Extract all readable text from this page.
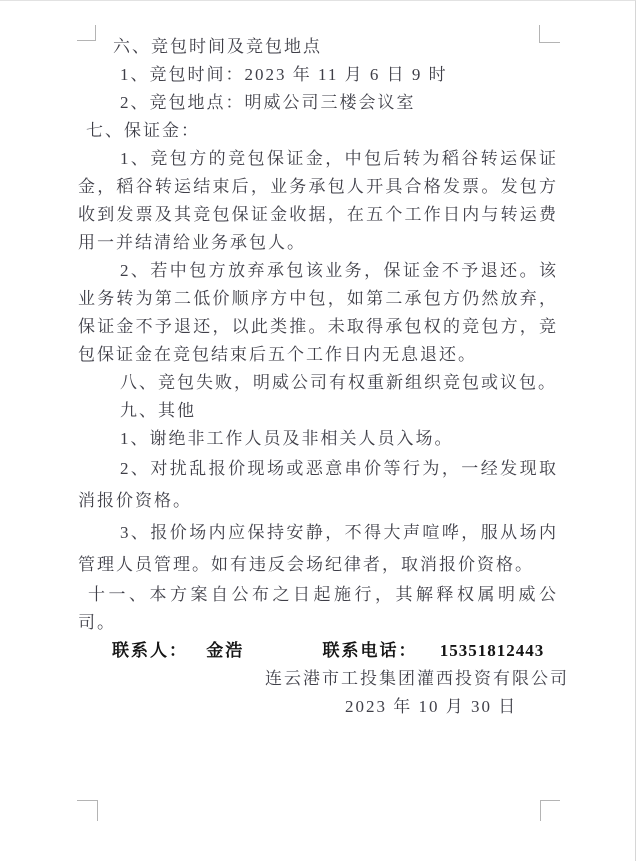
六、竞包时间及竞包地点

1、竞包时间：2023 年 11 月 6 日 9 时

2、竞包地点：明威公司三楼会议室

七、保证金：

1、竞包方的竞包保证金，中包后转为稻谷转运保证金，稻谷转运结束后，业务承包人开具合格发票。发包方收到发票及其竞包保证金收据，在五个工作日内与转运费用一并结清给业务承包人。

2、若中包方放弃承包该业务，保证金不予退还。该业务转为第二低价顺序方中包，如第二承包方仍然放弃，保证金不予退还，以此类推。未取得承包权的竞包方，竞包保证金在竞包结束后五个工作日内无息退还。

八、竞包失败，明威公司有权重新组织竞包或议包。

九、其他

1、谢绝非工作人员及非相关人员入场。

2、对扰乱报价现场或恶意串价等行为，一经发现取消报价资格。

3、报价场内应保持安静，不得大声喧哗，服从场内管理人员管理。如有违反会场纪律者，取消报价资格。

十一、本方案自公布之日起施行，其解释权属明威公司。

联系人： 金浩	联系电话： 15351812443

连云港市工投集团灌西投资有限公司

2023 年 10 月 30 日
